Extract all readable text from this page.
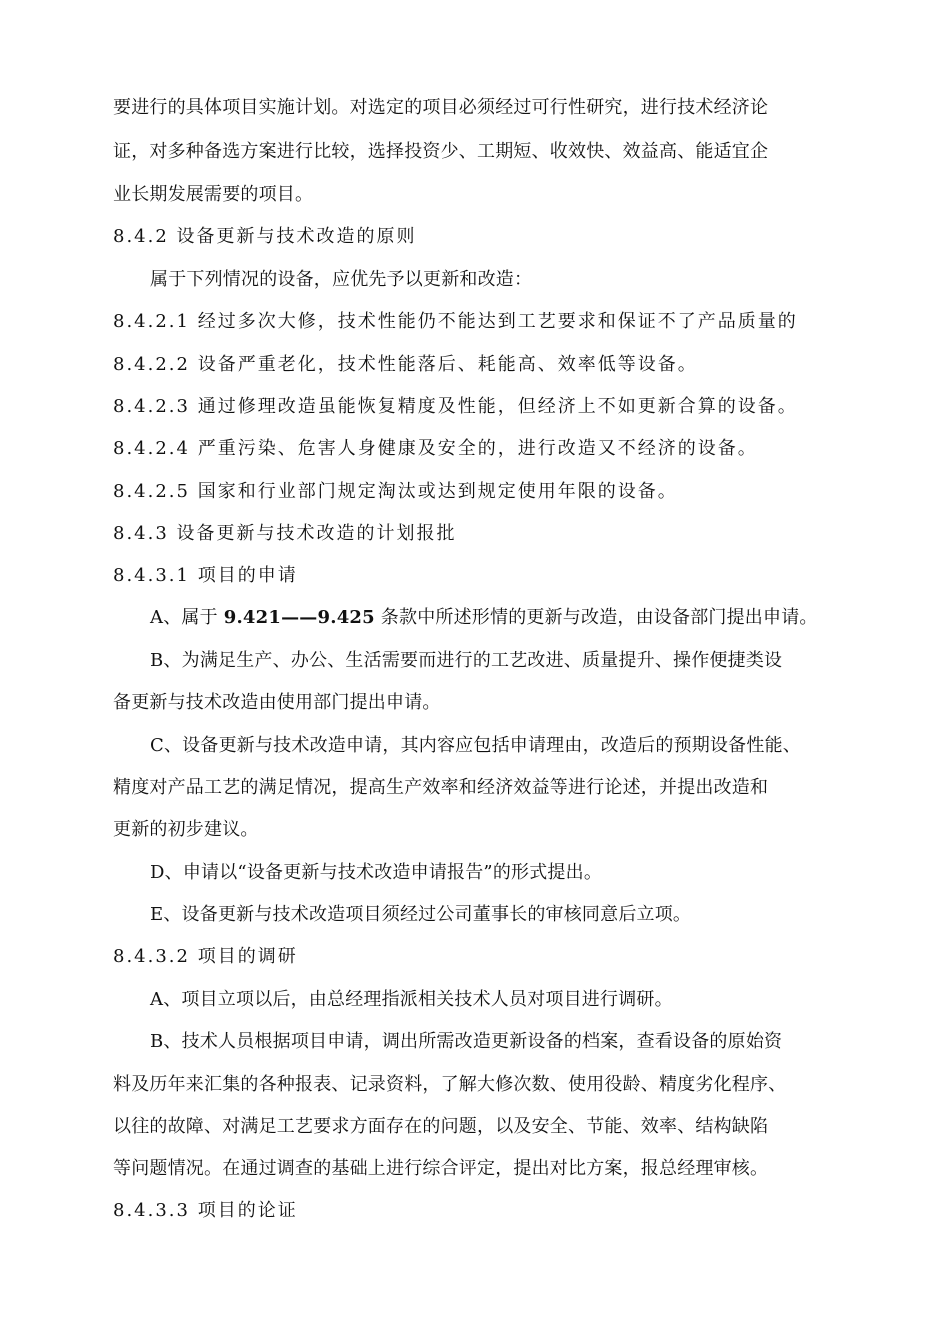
要进行的具体项目实施计划。对选定的项目必须经过可行性研究，进行技术经济论
证，对多种备选方案进行比较，选择投资少、工期短、收效快、效益高、能适宜企
业长期发展需要的项目。
8.4.2 设备更新与技术改造的原则
属于下列情况的设备，应优先予以更新和改造：
8.4.2.1 经过多次大修，技术性能仍不能达到工艺要求和保证不了产品质量的
8.4.2.2 设备严重老化，技术性能落后、耗能高、效率低等设备。
8.4.2.3 通过修理改造虽能恢复精度及性能，但经济上不如更新合算的设备。
8.4.2.4 严重污染、危害人身健康及安全的，进行改造又不经济的设备。
8.4.2.5 国家和行业部门规定淘汰或达到规定使用年限的设备。
8.4.3 设备更新与技术改造的计划报批
8.4.3.1 项目的申请
A、属于 9.421——9.425 条款中所述形情的更新与改造，由设备部门提出申请。
B、为满足生产、办公、生活需要而进行的工艺改进、质量提升、操作便捷类设
备更新与技术改造由使用部门提出申请。
C、设备更新与技术改造申请，其内容应包括申请理由，改造后的预期设备性能、
精度对产品工艺的满足情况，提高生产效率和经济效益等进行论述，并提出改造和
更新的初步建议。
D、申请以“设备更新与技术改造申请报告”的形式提出。
E、设备更新与技术改造项目须经过公司董事长的审核同意后立项。
8.4.3.2 项目的调研
A、项目立项以后，由总经理指派相关技术人员对项目进行调研。
B、技术人员根据项目申请，调出所需改造更新设备的档案，查看设备的原始资
料及历年来汇集的各种报表、记录资料，了解大修次数、使用役龄、精度劣化程序、
以往的故障、对满足工艺要求方面存在的问题，以及安全、节能、效率、结构缺陷
等问题情况。在通过调查的基础上进行综合评定，提出对比方案，报总经理审核。
8.4.3.3 项目的论证
